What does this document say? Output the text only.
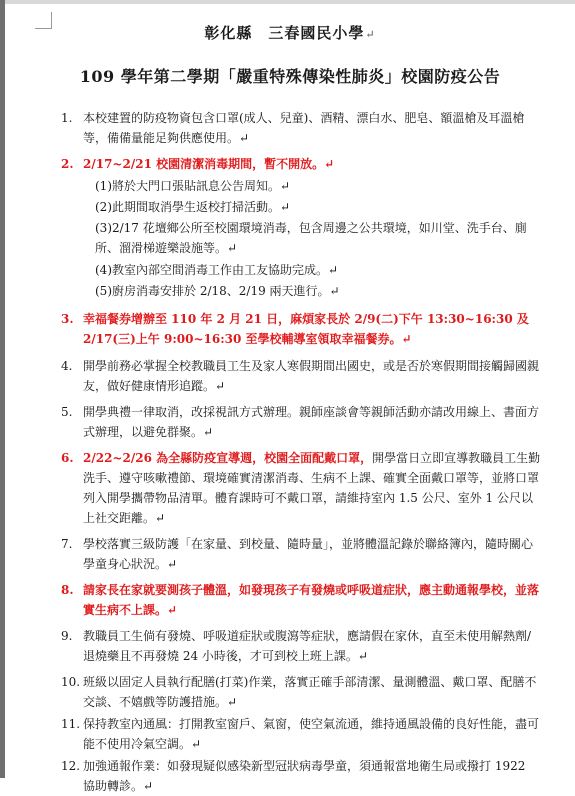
彰化縣　三春國民小學↵
109 學年第二學期「嚴重特殊傳染性肺炎」校園防疫公告
1. 本校建置的防疫物資包含口罩(成人、兒童)、酒精、漂白水、肥皂、額溫槍及耳溫槍等，備備量能足夠供應使用。↵
2. 2/17~2/21 校園清潔消毒期間，暫不開放。↵
(1)將於大門口張貼訊息公告周知。↵
(2)此期間取消學生返校打掃活動。↵
(3)2/17 花壇鄉公所至校園環境消毒，包含周邊之公共環境，如川堂、洗手台、廁所、溜滑梯遊樂設施等。↵
(4)教室內部空間消毒工作由工友協助完成。↵
(5)廚房消毒安排於 2/18、2/19 兩天進行。↵
3. 幸福餐券增辦至 110 年 2 月 21 日，麻煩家長於 2/9(二)下午 13:30~16:30 及 2/17(三)上午 9:00~16:30 至學校輔導室領取幸福餐券。↵
4. 開學前務必掌握全校教職員工生及家人寒假期間出國史，或是否於寒假期間接觸歸國親友，做好健康情形追蹤。↵
5. 開學典禮一律取消，改採視訊方式辦理。親師座談會等親師活動亦請改用線上、書面方式辦理，以避免群聚。↵
6. 2/22~2/26 為全縣防疫宣導週，校園全面配戴口罩，開學當日立即宣導教職員工生勤洗手、遵守咳嗽禮節、環境確實清潔消毒、生病不上課、確實全面戴口罩等，並將口罩列入開學攜帶物品清單。體育課時可不戴口罩，請維持室內 1.5 公尺、室外 1 公尺以上社交距離。↵
7. 學校落實三級防護「在家量、到校量、隨時量」，並將體溫記錄於聯絡簿內，隨時關心學童身心狀況。↵
8. 請家長在家就要測孩子體溫，如發現孩子有發燒或呼吸道症狀，應主動通報學校，並落實生病不上課。↵
9. 教職員工生倘有發燒、呼吸道症狀或腹瀉等症狀，應請假在家休，直至未使用解熱劑/退燒藥且不再發燒 24 小時後，才可到校上班上課。↵
10. 班級以固定人員執行配膳(打菜)作業，落實正確手部清潔、量測體溫、戴口罩、配膳不交談、不嬉戲等防護措施。↵
11. 保持教室內通風：打開教室窗戶、氣窗，使空氣流通，維持通風設備的良好性能，盡可能不使用冷氣空調。↵
12. 加強通報作業：如發現疑似感染新型冠狀病毒學童，須通報當地衛生局或撥打 1922 協助轉診。↵
